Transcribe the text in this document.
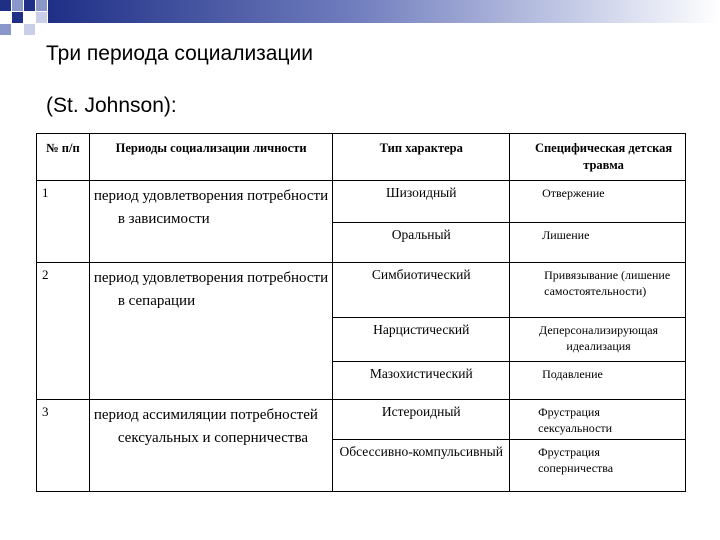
Три периода социализации
(St. Johnson):
№ п/п	Периоды социализации личности	Тип характера	Специфическая детская травма

1	период удовлетворения потребности в зависимости	Шизоидный	Отвержение

		Оральный	Лишение

2	период удовлетворения потребности в сепарации	Симбиотический	Привязывание (лишение самостоятельности)

		Нарцистический	Деперсонализирующая идеализация

		Мазохистический	Подавление

3	период ассимиляции потребностей сексуальных и соперничества	Истероидный	Фрустрация сексуальности

		Обсессивно-компульсивный	Фрустрация соперничества
